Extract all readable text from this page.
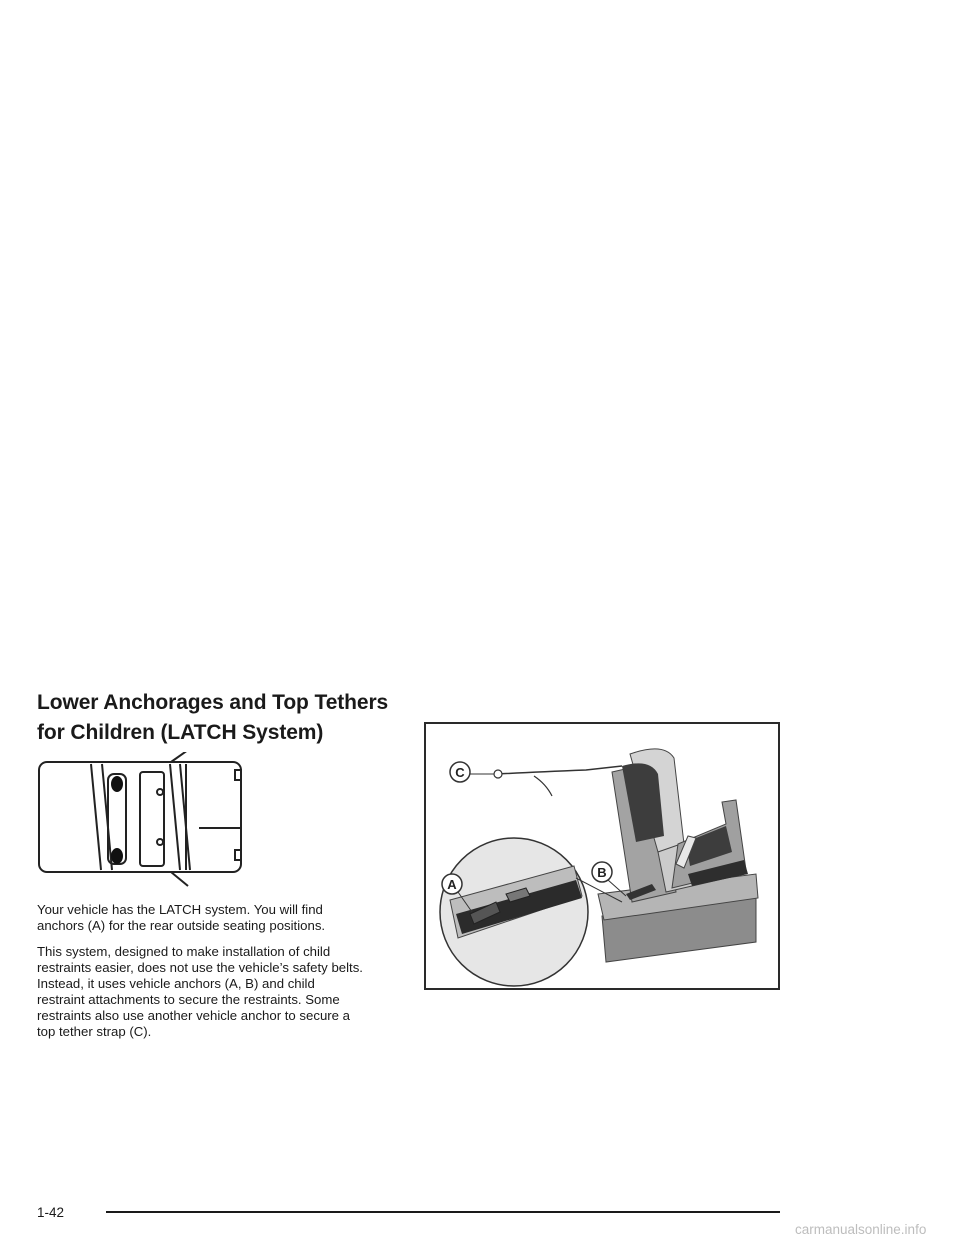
Lower Anchorages and Top Tethers
for Children (LATCH System)

Your vehicle has the LATCH system. You will find
anchors (A) for the rear outside seating positions.

This system, designed to make installation of child
restraints easier, does not use the vehicle’s safety belts.
Instead, it uses vehicle anchors (A, B) and child
restraint attachments to secure the restraints. Some
restraints also use another vehicle anchor to secure a
top tether strap (C).

A
B
C
1-42
carmanualsonline.info
